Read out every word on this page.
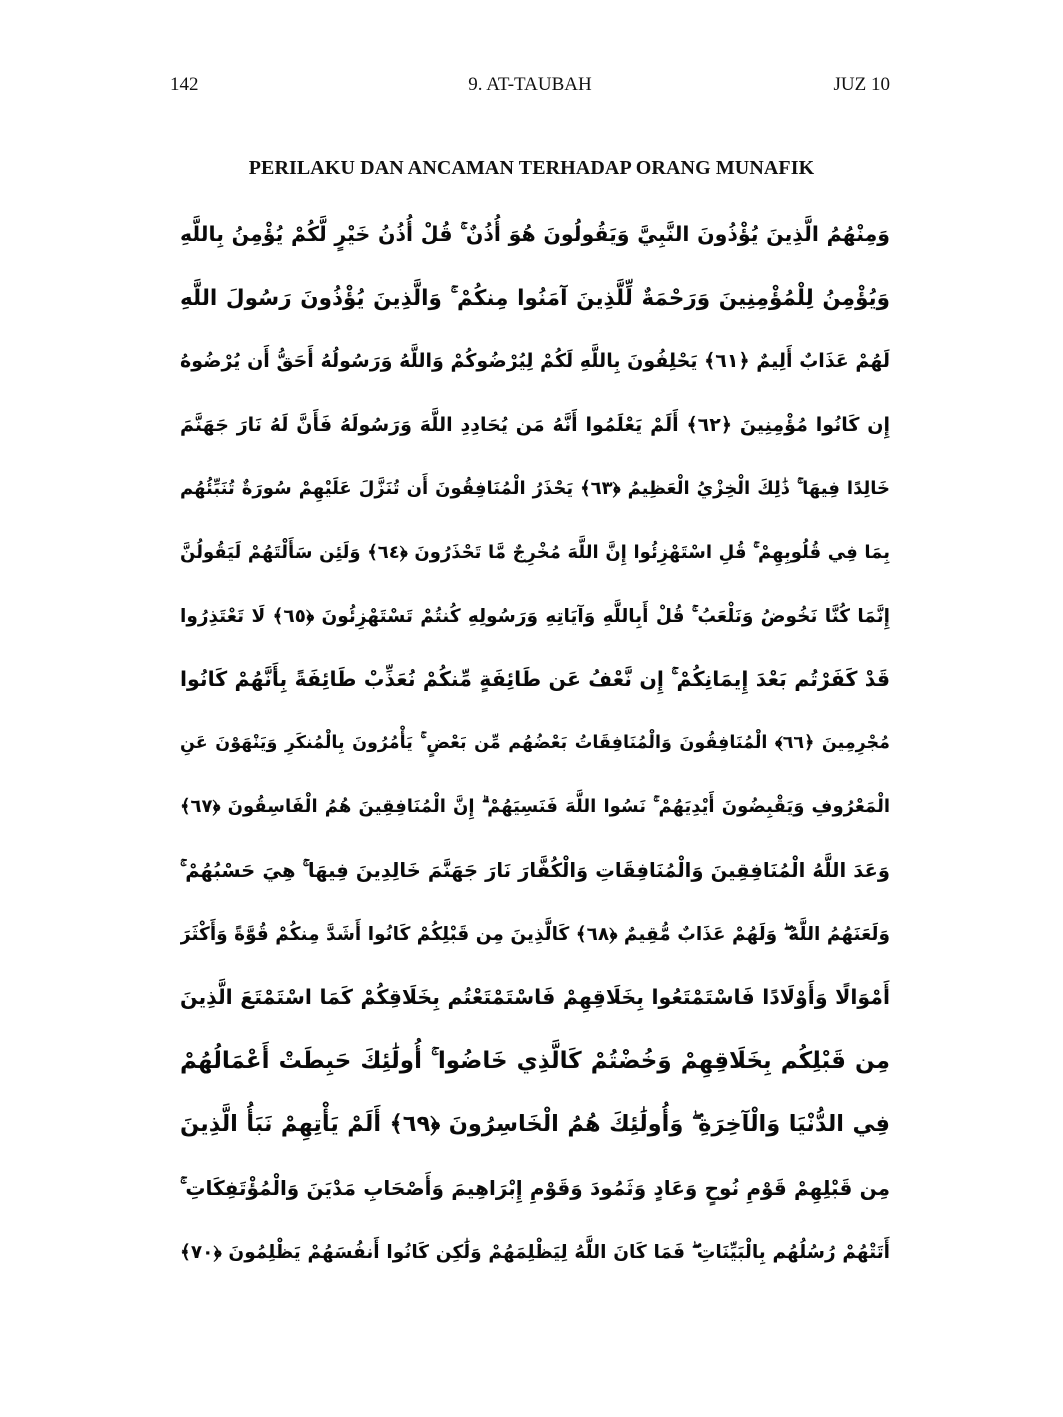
142	9. AT-TAUBAH	JUZ 10
PERILAKU DAN ANCAMAN TERHADAP ORANG MUNAFIK
وَمِنْهُمُ الَّذِينَ يُؤْذُونَ النَّبِيَّ وَيَقُولُونَ هُوَ أُذُنٌ ۚ قُلْ أُذُنُ خَيْرٍ لَّكُمْ يُؤْمِنُ بِاللَّهِ
وَيُؤْمِنُ لِلْمُؤْمِنِينَ وَرَحْمَةٌ لِّلَّذِينَ آمَنُوا مِنكُمْ ۚ وَالَّذِينَ يُؤْذُونَ رَسُولَ اللَّهِ
لَهُمْ عَذَابٌ أَلِيمٌ ﴿٦١﴾ يَحْلِفُونَ بِاللَّهِ لَكُمْ لِيُرْضُوكُمْ وَاللَّهُ وَرَسُولُهُ أَحَقُّ أَن يُرْضُوهُ
إِن كَانُوا مُؤْمِنِينَ ﴿٦٢﴾ أَلَمْ يَعْلَمُوا أَنَّهُ مَن يُحَادِدِ اللَّهَ وَرَسُولَهُ فَأَنَّ لَهُ نَارَ جَهَنَّمَ
خَالِدًا فِيهَا ۚ ذَٰلِكَ الْخِزْيُ الْعَظِيمُ ﴿٦٣﴾ يَحْذَرُ الْمُنَافِقُونَ أَن تُنَزَّلَ عَلَيْهِمْ سُورَةٌ تُنَبِّئُهُم
بِمَا فِي قُلُوبِهِمْ ۚ قُلِ اسْتَهْزِئُوا إِنَّ اللَّهَ مُخْرِجٌ مَّا تَحْذَرُونَ ﴿٦٤﴾ وَلَئِن سَأَلْتَهُمْ لَيَقُولُنَّ
إِنَّمَا كُنَّا نَخُوضُ وَنَلْعَبُ ۚ قُلْ أَبِاللَّهِ وَآيَاتِهِ وَرَسُولِهِ كُنتُمْ تَسْتَهْزِئُونَ ﴿٦٥﴾ لَا تَعْتَذِرُوا
قَدْ كَفَرْتُم بَعْدَ إِيمَانِكُمْ ۚ إِن نَّعْفُ عَن طَائِفَةٍ مِّنكُمْ نُعَذِّبْ طَائِفَةً بِأَنَّهُمْ كَانُوا
مُجْرِمِينَ ﴿٦٦﴾ الْمُنَافِقُونَ وَالْمُنَافِقَاتُ بَعْضُهُم مِّن بَعْضٍ ۚ يَأْمُرُونَ بِالْمُنكَرِ وَيَنْهَوْنَ عَنِ
الْمَعْرُوفِ وَيَقْبِضُونَ أَيْدِيَهُمْ ۚ نَسُوا اللَّهَ فَنَسِيَهُمْ ۗ إِنَّ الْمُنَافِقِينَ هُمُ الْفَاسِقُونَ ﴿٦٧﴾
وَعَدَ اللَّهُ الْمُنَافِقِينَ وَالْمُنَافِقَاتِ وَالْكُفَّارَ نَارَ جَهَنَّمَ خَالِدِينَ فِيهَا ۚ هِيَ حَسْبُهُمْ ۚ
وَلَعَنَهُمُ اللَّهُ ۖ وَلَهُمْ عَذَابٌ مُّقِيمٌ ﴿٦٨﴾ كَالَّذِينَ مِن قَبْلِكُمْ كَانُوا أَشَدَّ مِنكُمْ قُوَّةً وَأَكْثَرَ
أَمْوَالًا وَأَوْلَادًا فَاسْتَمْتَعُوا بِخَلَاقِهِمْ فَاسْتَمْتَعْتُم بِخَلَاقِكُمْ كَمَا اسْتَمْتَعَ الَّذِينَ
مِن قَبْلِكُم بِخَلَاقِهِمْ وَخُضْتُمْ كَالَّذِي خَاضُوا ۚ أُولَٰئِكَ حَبِطَتْ أَعْمَالُهُمْ
فِي الدُّنْيَا وَالْآخِرَةِ ۖ وَأُولَٰئِكَ هُمُ الْخَاسِرُونَ ﴿٦٩﴾ أَلَمْ يَأْتِهِمْ نَبَأُ الَّذِينَ
مِن قَبْلِهِمْ قَوْمِ نُوحٍ وَعَادٍ وَثَمُودَ وَقَوْمِ إِبْرَاهِيمَ وَأَصْحَابِ مَدْيَنَ وَالْمُؤْتَفِكَاتِ ۚ
أَتَتْهُمْ رُسُلُهُم بِالْبَيِّنَاتِ ۖ فَمَا كَانَ اللَّهُ لِيَظْلِمَهُمْ وَلَٰكِن كَانُوا أَنفُسَهُمْ يَظْلِمُونَ ﴿٧٠﴾
